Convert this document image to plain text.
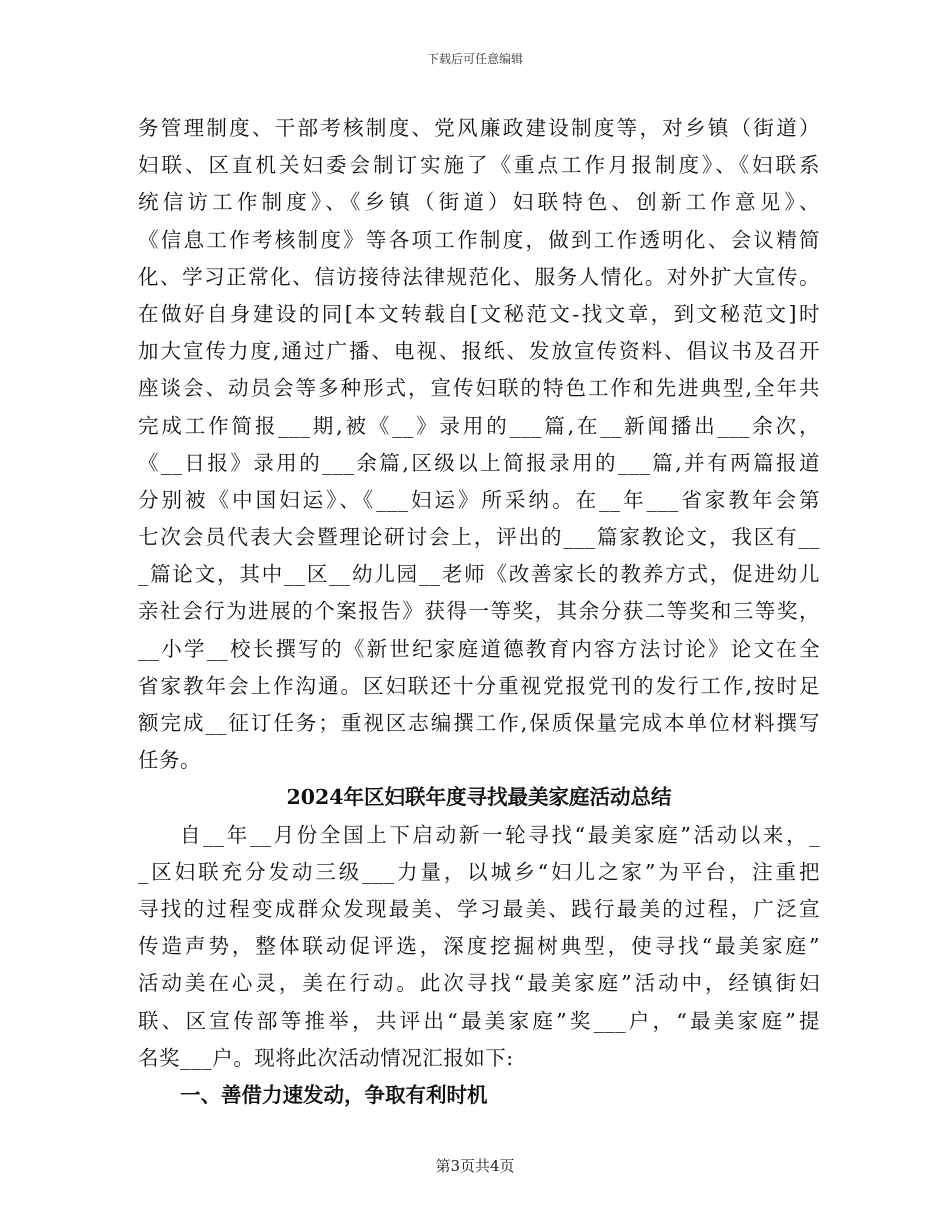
下载后可任意编辑
务管理制度、干部考核制度、党风廉政建设制度等，对乡镇（街道）
妇联、区直机关妇委会制订实施了《重点工作月报制度》、《妇联系
统信访工作制度》、《乡镇（街道）妇联特色、创新工作意见》、
《信息工作考核制度》等各项工作制度，做到工作透明化、会议精简
化、学习正常化、信访接待法律规范化、服务人情化。对外扩大宣传。
在做好自身建设的同[本文转载自[文秘范文-找文章，到文秘范文]时
加大宣传力度,通过广播、电视、报纸、发放宣传资料、倡议书及召开
座谈会、动员会等多种形式，宣传妇联的特色工作和先进典型,全年共
完成工作简报___期,被《__》录用的___篇,在__新闻播出___余次，
《__日报》录用的___余篇,区级以上简报录用的___篇,并有两篇报道
分别被《中国妇运》、《___妇运》所采纳。在__年___省家教年会第
七次会员代表大会暨理论研讨会上，评出的___篇家教论文，我区有__
_篇论文，其中__区__幼儿园__老师《改善家长的教养方式，促进幼儿
亲社会行为进展的个案报告》获得一等奖，其余分获二等奖和三等奖，
__小学__校长撰写的《新世纪家庭道德教育内容方法讨论》论文在全
省家教年会上作沟通。区妇联还十分重视党报党刊的发行工作,按时足
额完成__征订任务；重视区志编撰工作,保质保量完成本单位材料撰写
任务。
2024年区妇联年度寻找最美家庭活动总结
自__年__月份全国上下启动新一轮寻找“最美家庭”活动以来，_
_区妇联充分发动三级___力量，以城乡“妇儿之家”为平台，注重把
寻找的过程变成群众发现最美、学习最美、践行最美的过程，广泛宣
传造声势，整体联动促评选，深度挖掘树典型，使寻找“最美家庭”
活动美在心灵，美在行动。此次寻找“最美家庭”活动中，经镇街妇
联、区宣传部等推举，共评出“最美家庭”奖___户，“最美家庭”提
名奖___户。现将此次活动情况汇报如下:
一、善借力速发动，争取有利时机
第3页共4页
